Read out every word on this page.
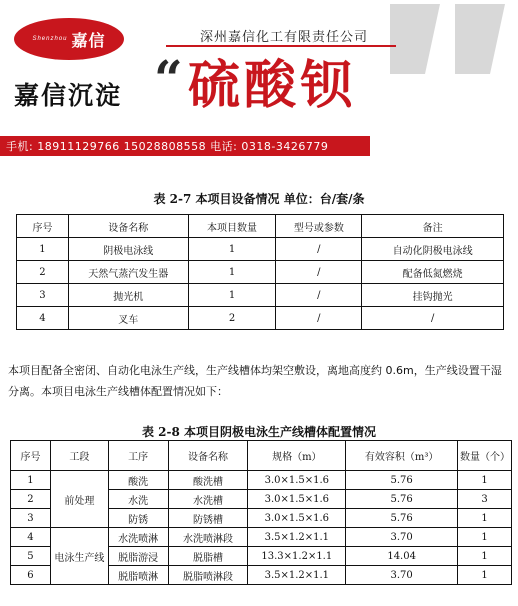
Shenzhou 嘉信	深州嘉信化工有限责任公司
嘉信沉淀 “ 硫酸钡
手机: 18911129766 15028808558 电话: 0318-3426779
表 2-7 本项目设备情况 单位：台/套/条
序号	设备名称	本项目数量	型号或参数	备注
1	阴极电泳线	1	/	自动化阴极电泳线
2	天然气蒸汽发生器	1	/	配备低氮燃烧
3	抛光机	1	/	挂钩抛光
4	叉车	2	/	/

本项目配备全密闭、自动化电泳生产线，生产线槽体均架空敷设，离地高度约 0.6m，生产线设置干湿分离。本项目电泳生产线槽体配置情况如下：

表 2-8 本项目阴极电泳生产线槽体配置情况
序号	工段	工序	设备名称	规格（m）	有效容积（m³）	数量（个）
1	前处理	酸洗	酸洗槽	3.0×1.5×1.6	5.76	1
2		水洗	水洗槽	3.0×1.5×1.6	5.76	3
3		防锈	防锈槽	3.0×1.5×1.6	5.76	1
4	电泳生产线	水洗喷淋	水洗喷淋段	3.5×1.2×1.1	3.70	1
5		脱脂游浸	脱脂槽	13.3×1.2×1.1	14.04	1
6		脱脂喷淋	脱脂喷淋段	3.5×1.2×1.1	3.70	1
